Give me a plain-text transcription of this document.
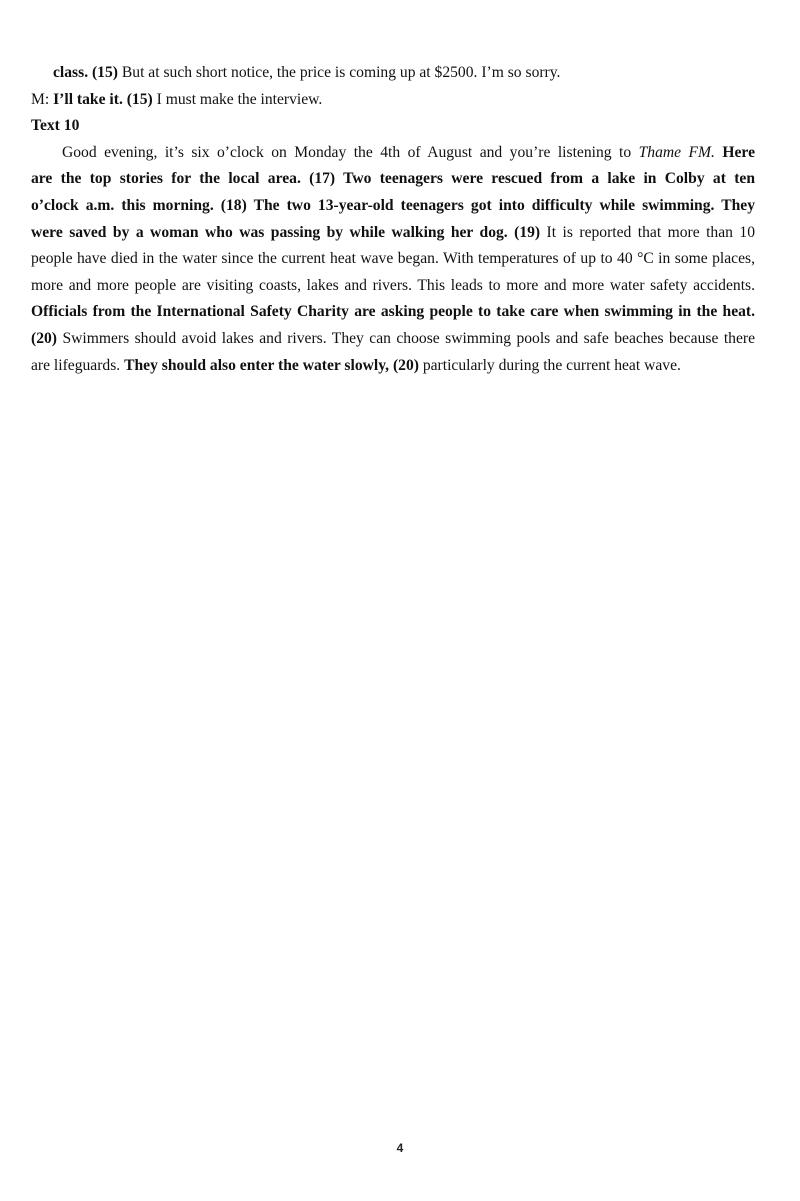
class. (15) But at such short notice, the price is coming up at $2500. I’m so sorry.
M: I’ll take it. (15) I must make the interview.
Text 10
Good evening, it’s six o’clock on Monday the 4th of August and you’re listening to Thame FM. Here
are the top stories for the local area. (17) Two teenagers were rescued from a lake in Colby at ten
o’clock a.m. this morning. (18) The two 13-year-old teenagers got into difficulty while swimming. They
were saved by a woman who was passing by while walking her dog. (19) It is reported that more than 10
people have died in the water since the current heat wave began. With temperatures of up to 40 °C in some places,
more and more people are visiting coasts, lakes and rivers. This leads to more and more water safety accidents.
Officials from the International Safety Charity are asking people to take care when swimming in the heat.
(20) Swimmers should avoid lakes and rivers. They can choose swimming pools and safe beaches because there
are lifeguards. They should also enter the water slowly, (20) particularly during the current heat wave.
4
